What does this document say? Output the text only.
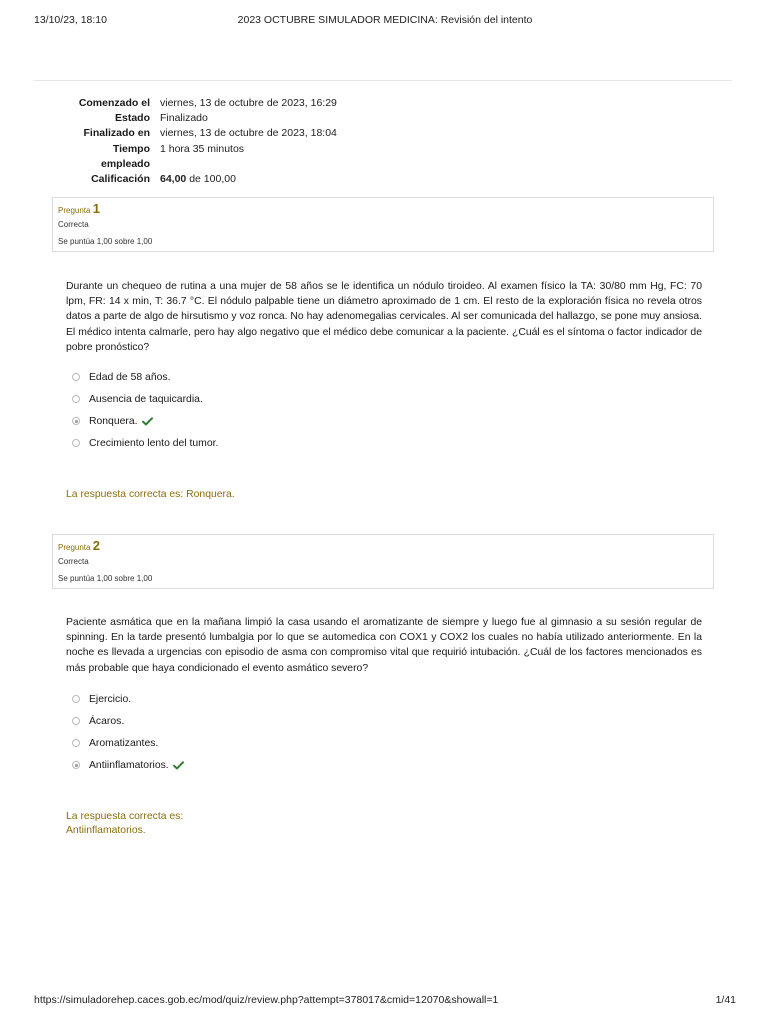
13/10/23, 18:10	2023 OCTUBRE SIMULADOR MEDICINA: Revisión del intento
Comenzado el	viernes, 13 de octubre de 2023, 16:29
Estado	Finalizado
Finalizado en	viernes, 13 de octubre de 2023, 18:04
Tiempo
empleado	1 hora 35 minutos
Calificación	64,00 de 100,00
Pregunta 1
Correcta
Se puntúa 1,00 sobre 1,00
Durante un chequeo de rutina a una mujer de 58 años se le identifica un nódulo tiroideo. Al examen físico la TA: 30/80 mm Hg, FC: 70 lpm, FR: 14 x min, T: 36.7 °C. El nódulo palpable tiene un diámetro aproximado de 1 cm. El resto de la exploración física no revela otros datos a parte de algo de hirsutismo y voz ronca. No hay adenomegalias cervicales. Al ser comunicada del hallazgo, se pone muy ansiosa. El médico intenta calmarle, pero hay algo negativo que el médico debe comunicar a la paciente. ¿Cuál es el síntoma o factor indicador de pobre pronóstico?
Edad de 58 años.
Ausencia de taquicardia.
Ronquera.
Crecimiento lento del tumor.
La respuesta correcta es: Ronquera.
Pregunta 2
Correcta
Se puntúa 1,00 sobre 1,00
Paciente asmática que en la mañana limpió la casa usando el aromatizante de siempre y luego fue al gimnasio a su sesión regular de spinning. En la tarde presentó lumbalgia por lo que se automedica con COX1 y COX2 los cuales no había utilizado anteriormente. En la noche es llevada a urgencias con episodio de asma con compromiso vital que requirió intubación. ¿Cuál de los factores mencionados es más probable que haya condicionado el evento asmático severo?
Ejercicio.
Ácaros.
Aromatizantes.
Antiinflamatorios.
La respuesta correcta es:
Antiinflamatorios.
https://simuladorehep.caces.gob.ec/mod/quiz/review.php?attempt=378017&cmid=12070&showall=1	1/41
